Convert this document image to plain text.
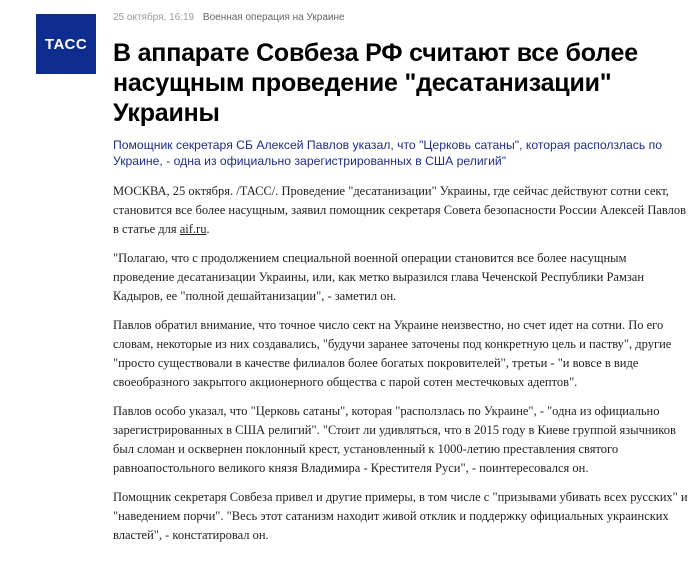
ТАСС
25 октября, 16:19 Военная операция на Украине
В аппарате Совбеза РФ считают все более насущным проведение "десатанизации" Украины
Помощник секретаря СБ Алексей Павлов указал, что "Церковь сатаны", которая расползлась по Украине, - одна из официально зарегистрированных в США религий"

МОСКВА, 25 октября. /ТАСС/. Проведение "десатанизации" Украины, где сейчас действуют сотни сект, становится все более насущным, заявил помощник секретаря Совета безопасности России Алексей Павлов в статье для aif.ru.

"Полагаю, что с продолжением специальной военной операции становится все более насущным проведение десатанизации Украины, или, как метко выразился глава Чеченской Республики Рамзан Кадыров, ее "полной дешайтанизации", - заметил он.

Павлов обратил внимание, что точное число сект на Украине неизвестно, но счет идет на сотни. По его словам, некоторые из них создавались, "будучи заранее заточены под конкретную цель и паству", другие "просто существовали в качестве филиалов более богатых покровителей", третьи - "и вовсе в виде своеобразного закрытого акционерного общества с парой сотен местечковых адептов".

Павлов особо указал, что "Церковь сатаны", которая "расползлась по Украине", - "одна из официально зарегистрированных в США религий". "Стоит ли удивляться, что в 2015 году в Киеве группой язычников был сломан и осквернен поклонный крест, установленный к 1000-летию преставления святого равноапостольного великого князя Владимира - Крестителя Руси", - поинтересовался он.

Помощник секретаря Совбеза привел и другие примеры, в том числе с "призывами убивать всех русских" и "наведением порчи". "Весь этот сатанизм находит живой отклик и поддержку официальных украинских властей", - констатировал он.
